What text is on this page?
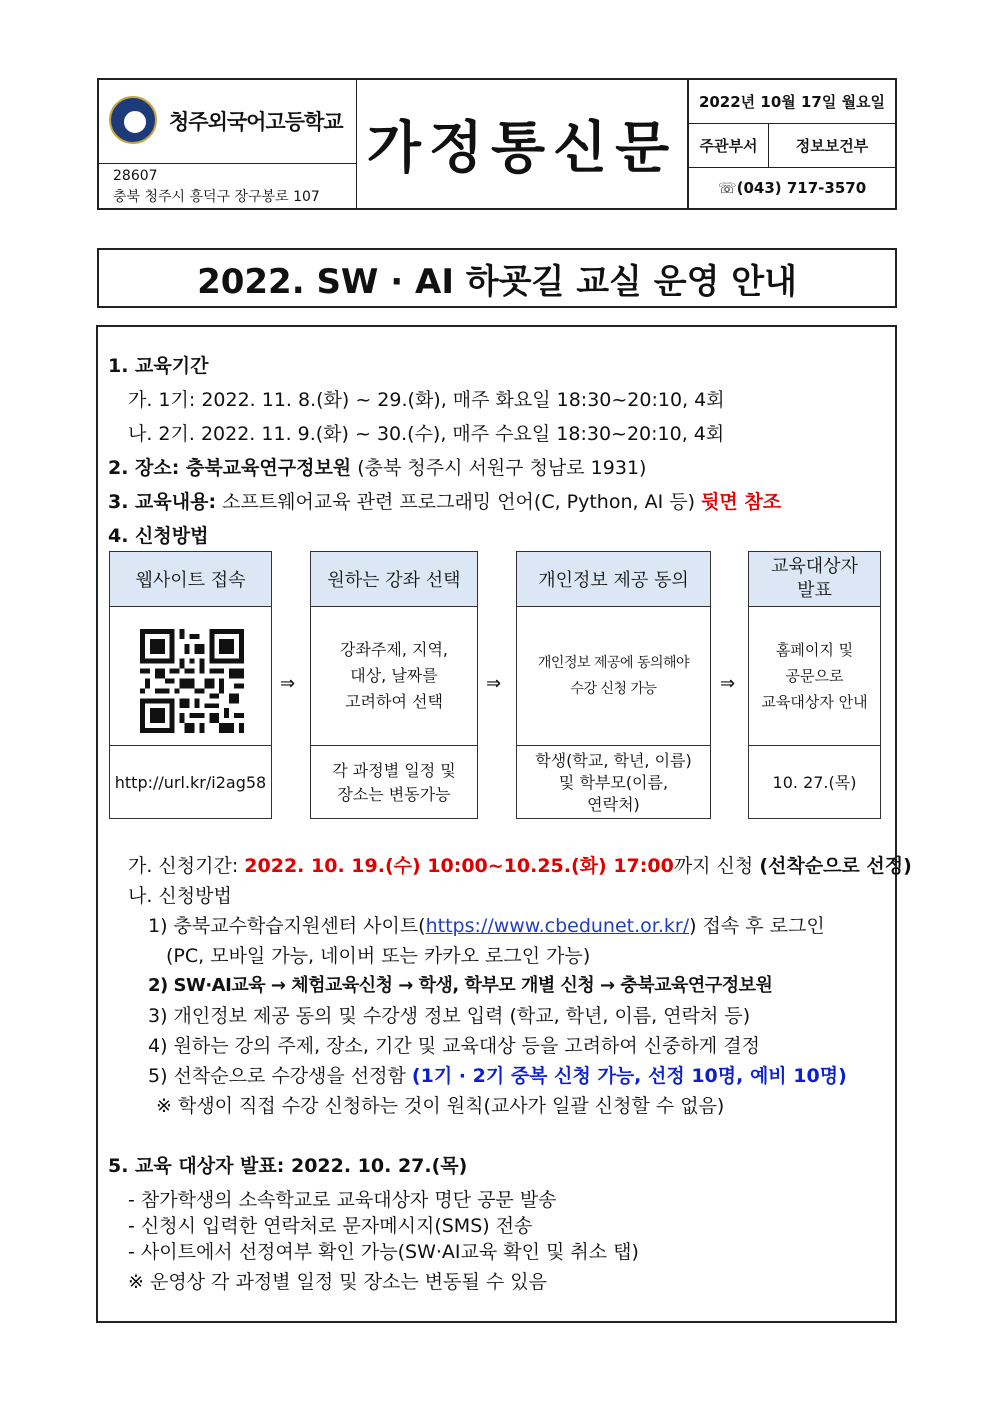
청주외국어고등학교
28607
충북 청주시 흥덕구 장구봉로 107
가정통신문
2022년 10월 17일 월요일
주관부서	정보보건부
☏(043) 717-3570
2022. SW · AI 하굣길 교실 운영 안내
1. 교육기간
가. 1기: 2022. 11. 8.(화) ~ 29.(화), 매주 화요일 18:30~20:10, 4회
나. 2기. 2022. 11. 9.(화) ~ 30.(수), 매주 수요일 18:30~20:10, 4회
2. 장소: 충북교육연구정보원 (충북 청주시 서원구 청남로 1931)
3. 교육내용: 소프트웨어교육 관련 프로그래밍 언어(C, Python, AI 등) 뒷면 참조
4. 신청방법
웹사이트 접속
http://url.kr/i2ag58
⇒
원하는 강좌 선택
강좌주제, 지역,
대상, 날짜를
고려하여 선택
각 과정별 일정 및
장소는 변동가능
⇒
개인정보 제공 동의
개인정보 제공에 동의해야
수강 신청 가능
학생(학교, 학년, 이름)
및 학부모(이름,
연락처)
⇒
교육대상자
발표
홈페이지 및
공문으로
교육대상자 안내
10. 27.(목)
가. 신청기간: 2022. 10. 19.(수) 10:00~10.25.(화) 17:00까지 신청 (선착순으로 선정)
나. 신청방법
1) 충북교수학습지원센터 사이트(https://www.cbedunet.or.kr/) 접속 후 로그인
(PC, 모바일 가능, 네이버 또는 카카오 로그인 가능)
2) SW·AI교육 → 체험교육신청 → 학생, 학부모 개별 신청 → 충북교육연구정보원
3) 개인정보 제공 동의 및 수강생 정보 입력 (학교, 학년, 이름, 연락처 등)
4) 원하는 강의 주제, 장소, 기간 및 교육대상 등을 고려하여 신중하게 결정
5) 선착순으로 수강생을 선정함 (1기 · 2기 중복 신청 가능, 선정 10명, 예비 10명)
※ 학생이 직접 수강 신청하는 것이 원칙(교사가 일괄 신청할 수 없음)
5. 교육 대상자 발표: 2022. 10. 27.(목)
- 참가학생의 소속학교로 교육대상자 명단 공문 발송
- 신청시 입력한 연락처로 문자메시지(SMS) 전송
- 사이트에서 선정여부 확인 가능(SW·AI교육 확인 및 취소 탭)
※ 운영상 각 과정별 일정 및 장소는 변동될 수 있음
